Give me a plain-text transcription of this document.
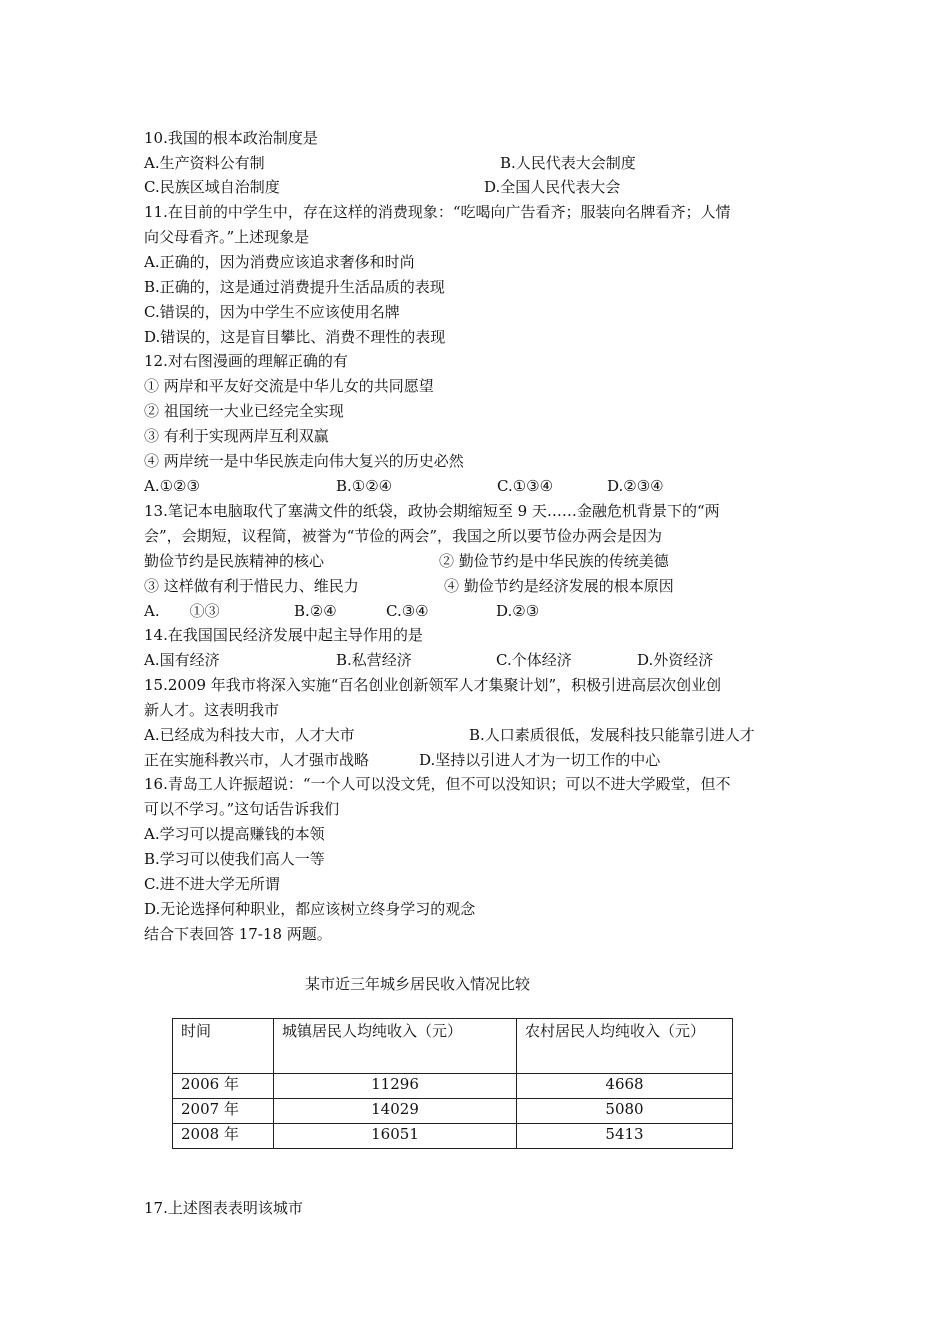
10.我国的根本政治制度是
A.生产资料公有制	B.人民代表大会制度
C.民族区域自治制度	D.全国人民代表大会
11.在目前的中学生中，存在这样的消费现象：“吃喝向广告看齐；服装向名牌看齐；人情
向父母看齐。”上述现象是
A.正确的，因为消费应该追求奢侈和时尚
B.正确的，这是通过消费提升生活品质的表现
C.错误的，因为中学生不应该使用名牌
D.错误的，这是盲目攀比、消费不理性的表现
12.对右图漫画的理解正确的有
① 两岸和平友好交流是中华儿女的共同愿望
② 祖国统一大业已经完全实现
③ 有利于实现两岸互利双赢
④ 两岸统一是中华民族走向伟大复兴的历史必然
A.①②③	B.①②④	C.①③④	D.②③④
13.笔记本电脑取代了塞满文件的纸袋，政协会期缩短至 9 天……金融危机背景下的“两
会”，会期短，议程简，被誉为“节俭的两会”，我国之所以要节俭办两会是因为
勤俭节约是民族精神的核心	② 勤俭节约是中华民族的传统美德
③ 这样做有利于惜民力、维民力	④ 勤俭节约是经济发展的根本原因
A.　　①③	B.②④	C.③④	D.②③
14.在我国国民经济发展中起主导作用的是
A.国有经济	B.私营经济	C.个体经济	D.外资经济
15.2009 年我市将深入实施“百名创业创新领军人才集聚计划”，积极引进高层次创业创
新人才。这表明我市
A.已经成为科技大市，人才大市	B.人口素质很低，发展科技只能靠引进人才
正在实施科教兴市，人才强市战略	D.坚持以引进人才为一切工作的中心
16.青岛工人许振超说：“一个人可以没文凭，但不可以没知识；可以不进大学殿堂，但不
可以不学习。”这句话告诉我们
A.学习可以提高赚钱的本领
B.学习可以使我们高人一等
C.进不进大学无所谓
D.无论选择何种职业，都应该树立终身学习的观念
结合下表回答 17-18 两题。
某市近三年城乡居民收入情况比较
时间	城镇居民人均纯收入（元）	农村居民人均纯收入（元）
2006 年	11296	4668
2007 年	14029	5080
2008 年	16051	5413
17.上述图表表明该城市
